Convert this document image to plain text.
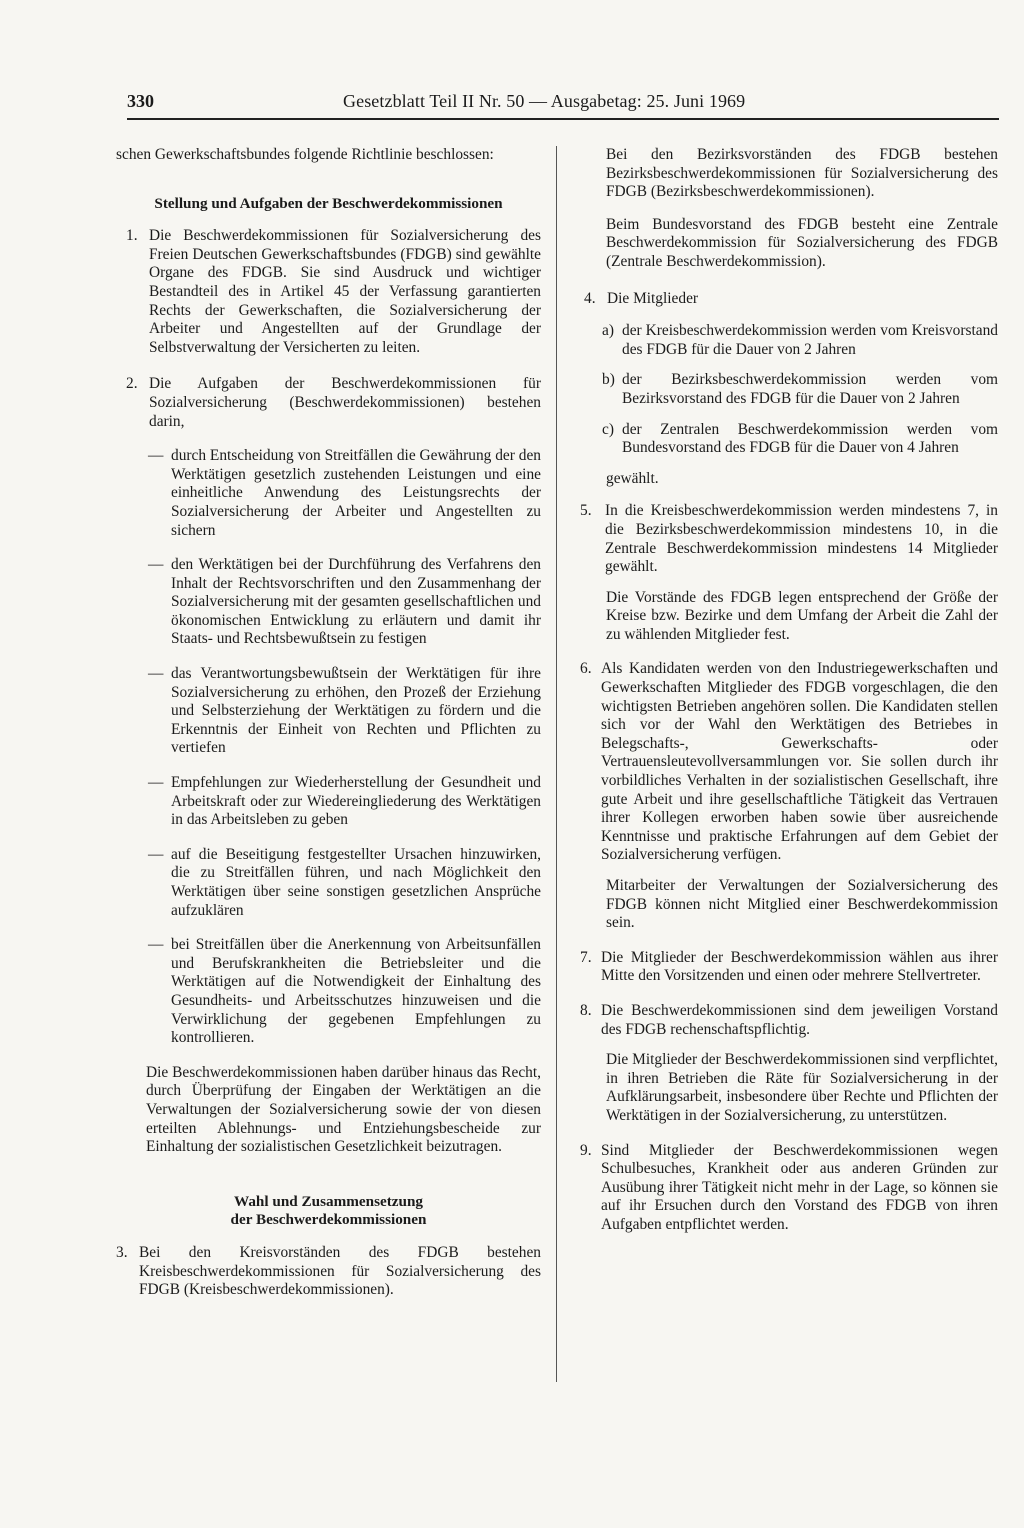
330	Gesetzblatt Teil II Nr. 50 — Ausgabetag: 25. Juni 1969

schen Gewerkschaftsbundes folgende Richtlinie beschlossen:

Stellung und Aufgaben der Beschwerdekommissionen

1. Die Beschwerdekommissionen für Sozialversicherung des Freien Deutschen Gewerkschaftsbundes (FDGB) sind gewählte Organe des FDGB. Sie sind Ausdruck und wichtiger Bestandteil des in Artikel 45 der Verfassung garantierten Rechts der Gewerkschaften, die Sozialversicherung der Arbeiter und Angestellten auf der Grundlage der Selbstverwaltung der Versicherten zu leiten.

2. Die Aufgaben der Beschwerdekommissionen für Sozialversicherung (Beschwerdekommissionen) bestehen darin,

— durch Entscheidung von Streitfällen die Gewährung der den Werktätigen gesetzlich zustehenden Leistungen und eine einheitliche Anwendung des Leistungsrechts der Sozialversicherung der Arbeiter und Angestellten zu sichern

— den Werktätigen bei der Durchführung des Verfahrens den Inhalt der Rechtsvorschriften und den Zusammenhang der Sozialversicherung mit der gesamten gesellschaftlichen und ökonomischen Entwicklung zu erläutern und damit ihr Staats- und Rechtsbewußtsein zu festigen

— das Verantwortungsbewußtsein der Werktätigen für ihre Sozialversicherung zu erhöhen, den Prozeß der Erziehung und Selbsterziehung der Werktätigen zu fördern und die Erkenntnis der Einheit von Rechten und Pflichten zu vertiefen

— Empfehlungen zur Wiederherstellung der Gesundheit und Arbeitskraft oder zur Wiedereingliederung des Werktätigen in das Arbeitsleben zu geben

— auf die Beseitigung festgestellter Ursachen hinzuwirken, die zu Streitfällen führen, und nach Möglichkeit den Werktätigen über seine sonstigen gesetzlichen Ansprüche aufzuklären

— bei Streitfällen über die Anerkennung von Arbeitsunfällen und Berufskrankheiten die Betriebsleiter und die Werktätigen auf die Notwendigkeit der Einhaltung des Gesundheits- und Arbeitsschutzes hinzuweisen und die Verwirklichung der gegebenen Empfehlungen zu kontrollieren.

Die Beschwerdekommissionen haben darüber hinaus das Recht, durch Überprüfung der Eingaben der Werktätigen an die Verwaltungen der Sozialversicherung sowie der von diesen erteilten Ablehnungs- und Entziehungsbescheide zur Einhaltung der sozialistischen Gesetzlichkeit beizutragen.

Wahl und Zusammensetzung

der Beschwerdekommissionen

3. Bei den Kreisvorständen des FDGB bestehen Kreisbeschwerdekommissionen für Sozialversicherung des FDGB (Kreisbeschwerdekommissionen).

Bei den Bezirksvorständen des FDGB bestehen Bezirksbeschwerdekommissionen für Sozialversicherung des FDGB (Bezirksbeschwerdekommissionen).

Beim Bundesvorstand des FDGB besteht eine Zentrale Beschwerdekommission für Sozialversicherung des FDGB (Zentrale Beschwerdekommission).

4. Die Mitglieder

a) der Kreisbeschwerdekommission werden vom Kreisvorstand des FDGB für die Dauer von 2 Jahren

b) der Bezirksbeschwerdekommission werden vom Bezirksvorstand des FDGB für die Dauer von 2 Jahren

c) der Zentralen Beschwerdekommission werden vom Bundesvorstand des FDGB für die Dauer von 4 Jahren

gewählt.

5. In die Kreisbeschwerdekommission werden mindestens 7, in die Bezirksbeschwerdekommission mindestens 10, in die Zentrale Beschwerdekommission mindestens 14 Mitglieder gewählt.

Die Vorstände des FDGB legen entsprechend der Größe der Kreise bzw. Bezirke und dem Umfang der Arbeit die Zahl der zu wählenden Mitglieder fest.

6. Als Kandidaten werden von den Industriegewerkschaften und Gewerkschaften Mitglieder des FDGB vorgeschlagen, die den wichtigsten Betrieben angehören sollen. Die Kandidaten stellen sich vor der Wahl den Werktätigen des Betriebes in Belegschafts-, Gewerkschafts- oder Vertrauensleutevollversammlungen vor. Sie sollen durch ihr vorbildliches Verhalten in der sozialistischen Gesellschaft, ihre gute Arbeit und ihre gesellschaftliche Tätigkeit das Vertrauen ihrer Kollegen erworben haben sowie über ausreichende Kenntnisse und praktische Erfahrungen auf dem Gebiet der Sozialversicherung verfügen.

Mitarbeiter der Verwaltungen der Sozialversicherung des FDGB können nicht Mitglied einer Beschwerdekommission sein.

7. Die Mitglieder der Beschwerdekommission wählen aus ihrer Mitte den Vorsitzenden und einen oder mehrere Stellvertreter.

8. Die Beschwerdekommissionen sind dem jeweiligen Vorstand des FDGB rechenschaftspflichtig.

Die Mitglieder der Beschwerdekommissionen sind verpflichtet, in ihren Betrieben die Räte für Sozialversicherung in der Aufklärungsarbeit, insbesondere über Rechte und Pflichten der Werktätigen in der Sozialversicherung, zu unterstützen.

9. Sind Mitglieder der Beschwerdekommissionen wegen Schulbesuches, Krankheit oder aus anderen Gründen zur Ausübung ihrer Tätigkeit nicht mehr in der Lage, so können sie auf ihr Ersuchen durch den Vorstand des FDGB von ihren Aufgaben entpflichtet werden.
